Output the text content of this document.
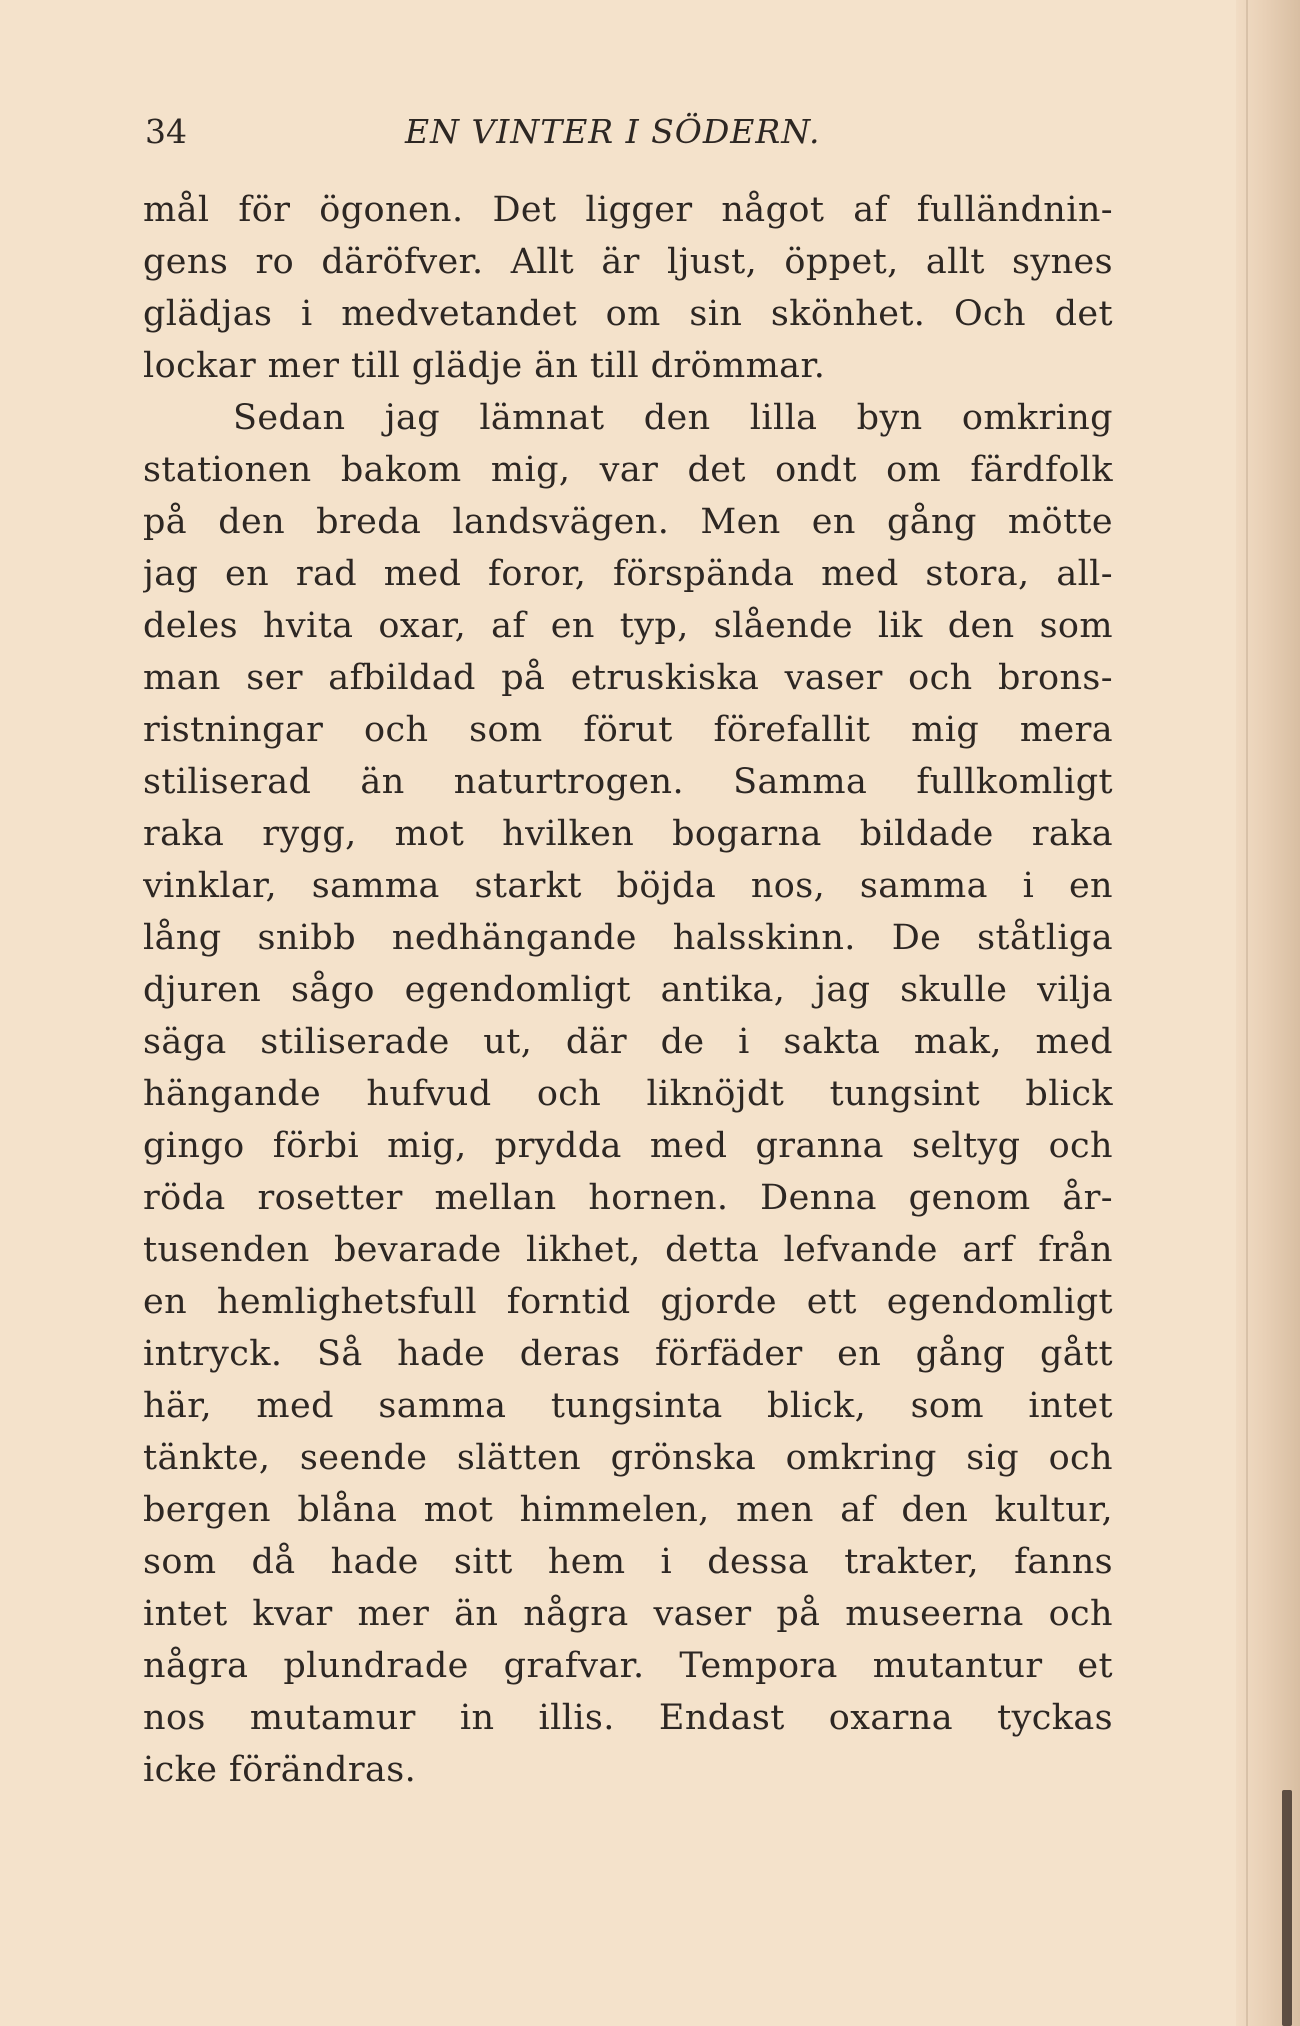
34	EN VINTER I SÖDERN.
mål för ögonen. Det ligger något af fulländnin-
gens ro däröfver. Allt är ljust, öppet, allt synes
glädjas i medvetandet om sin skönhet. Och det
lockar mer till glädje än till drömmar.
Sedan jag lämnat den lilla byn omkring
stationen bakom mig, var det ondt om färdfolk
på den breda landsvägen. Men en gång mötte
jag en rad med foror, förspända med stora, all-
deles hvita oxar, af en typ, slående lik den som
man ser afbildad på etruskiska vaser och brons-
ristningar och som förut förefallit mig mera
stiliserad än naturtrogen. Samma fullkomligt
raka rygg, mot hvilken bogarna bildade raka
vinklar, samma starkt böjda nos, samma i en
lång snibb nedhängande halsskinn. De ståtliga
djuren sågo egendomligt antika, jag skulle vilja
säga stiliserade ut, där de i sakta mak, med
hängande hufvud och liknöjdt tungsint blick
gingo förbi mig, prydda med granna seltyg och
röda rosetter mellan hornen. Denna genom år-
tusenden bevarade likhet, detta lefvande arf från
en hemlighetsfull forntid gjorde ett egendomligt
intryck. Så hade deras förfäder en gång gått
här, med samma tungsinta blick, som intet
tänkte, seende slätten grönska omkring sig och
bergen blåna mot himmelen, men af den kultur,
som då hade sitt hem i dessa trakter, fanns
intet kvar mer än några vaser på museerna och
några plundrade grafvar. Tempora mutantur et
nos mutamur in illis. Endast oxarna tyckas
icke förändras.
